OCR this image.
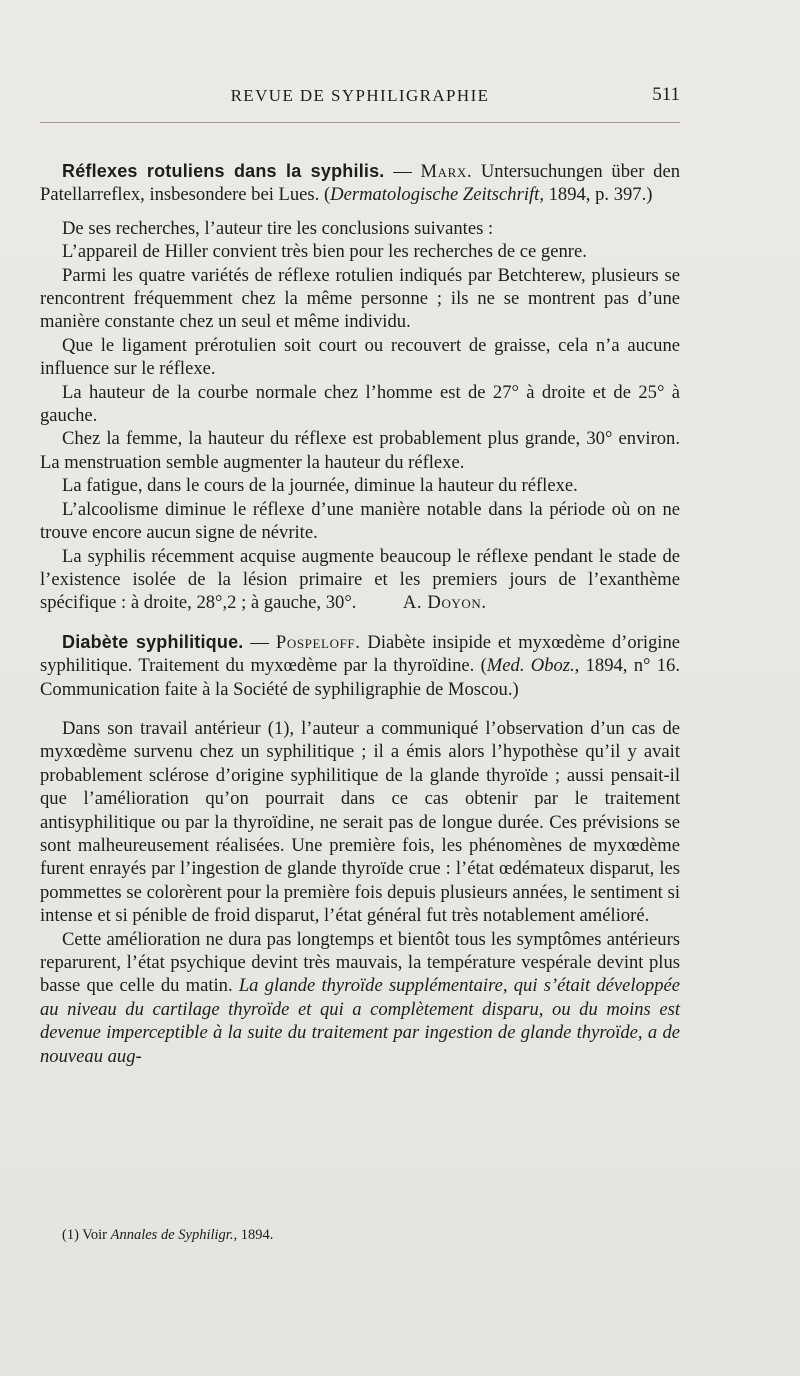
REVUE DE SYPHILIGRAPHIE	511

Réflexes rotuliens dans la syphilis. — Marx. Untersuchungen über den Patellarreflex, insbesondere bei Lues. (Dermatologische Zeitschrift, 1894, p. 397.)

De ses recherches, l’auteur tire les conclusions suivantes :

L’appareil de Hiller convient très bien pour les recherches de ce genre.

Parmi les quatre variétés de réflexe rotulien indiqués par Betchterew, plusieurs se rencontrent fréquemment chez la même personne ; ils ne se montrent pas d’une manière constante chez un seul et même individu.

Que le ligament prérotulien soit court ou recouvert de graisse, cela n’a aucune influence sur le réflexe.

La hauteur de la courbe normale chez l’homme est de 27° à droite et de 25° à gauche.

Chez la femme, la hauteur du réflexe est probablement plus grande, 30° environ. La menstruation semble augmenter la hauteur du réflexe.

La fatigue, dans le cours de la journée, diminue la hauteur du réflexe.

L’alcoolisme diminue le réflexe d’une manière notable dans la période où on ne trouve encore aucun signe de névrite.

La syphilis récemment acquise augmente beaucoup le réflexe pendant le stade de l’existence isolée de la lésion primaire et les premiers jours de l’exanthème spécifique : à droite, 28°,2 ; à gauche, 30°. A. Doyon.

Diabète syphilitique. — Pospeloff. Diabète insipide et myxœdème d’origine syphilitique. Traitement du myxœdème par la thyroïdine. (Med. Oboz., 1894, n° 16. Communication faite à la Société de syphiligraphie de Moscou.)

Dans son travail antérieur (1), l’auteur a communiqué l’observation d’un cas de myxœdème survenu chez un syphilitique ; il a émis alors l’hypothèse qu’il y avait probablement sclérose d’origine syphilitique de la glande thyroïde ; aussi pensait-il que l’amélioration qu’on pourrait dans ce cas obtenir par le traitement antisyphilitique ou par la thyroïdine, ne serait pas de longue durée. Ces prévisions se sont malheureusement réalisées. Une première fois, les phénomènes de myxœdème furent enrayés par l’ingestion de glande thyroïde crue : l’état œdémateux disparut, les pommettes se colorèrent pour la première fois depuis plusieurs années, le sentiment si intense et si pénible de froid disparut, l’état général fut très notablement amélioré.

Cette amélioration ne dura pas longtemps et bientôt tous les symptômes antérieurs reparurent, l’état psychique devint très mauvais, la température vespérale devint plus basse que celle du matin. La glande thyroïde supplémentaire, qui s’était développée au niveau du cartilage thyroïde et qui a complètement disparu, ou du moins est devenue imperceptible à la suite du traitement par ingestion de glande thyroïde, a de nouveau aug-

(1) Voir Annales de Syphiligr., 1894.
